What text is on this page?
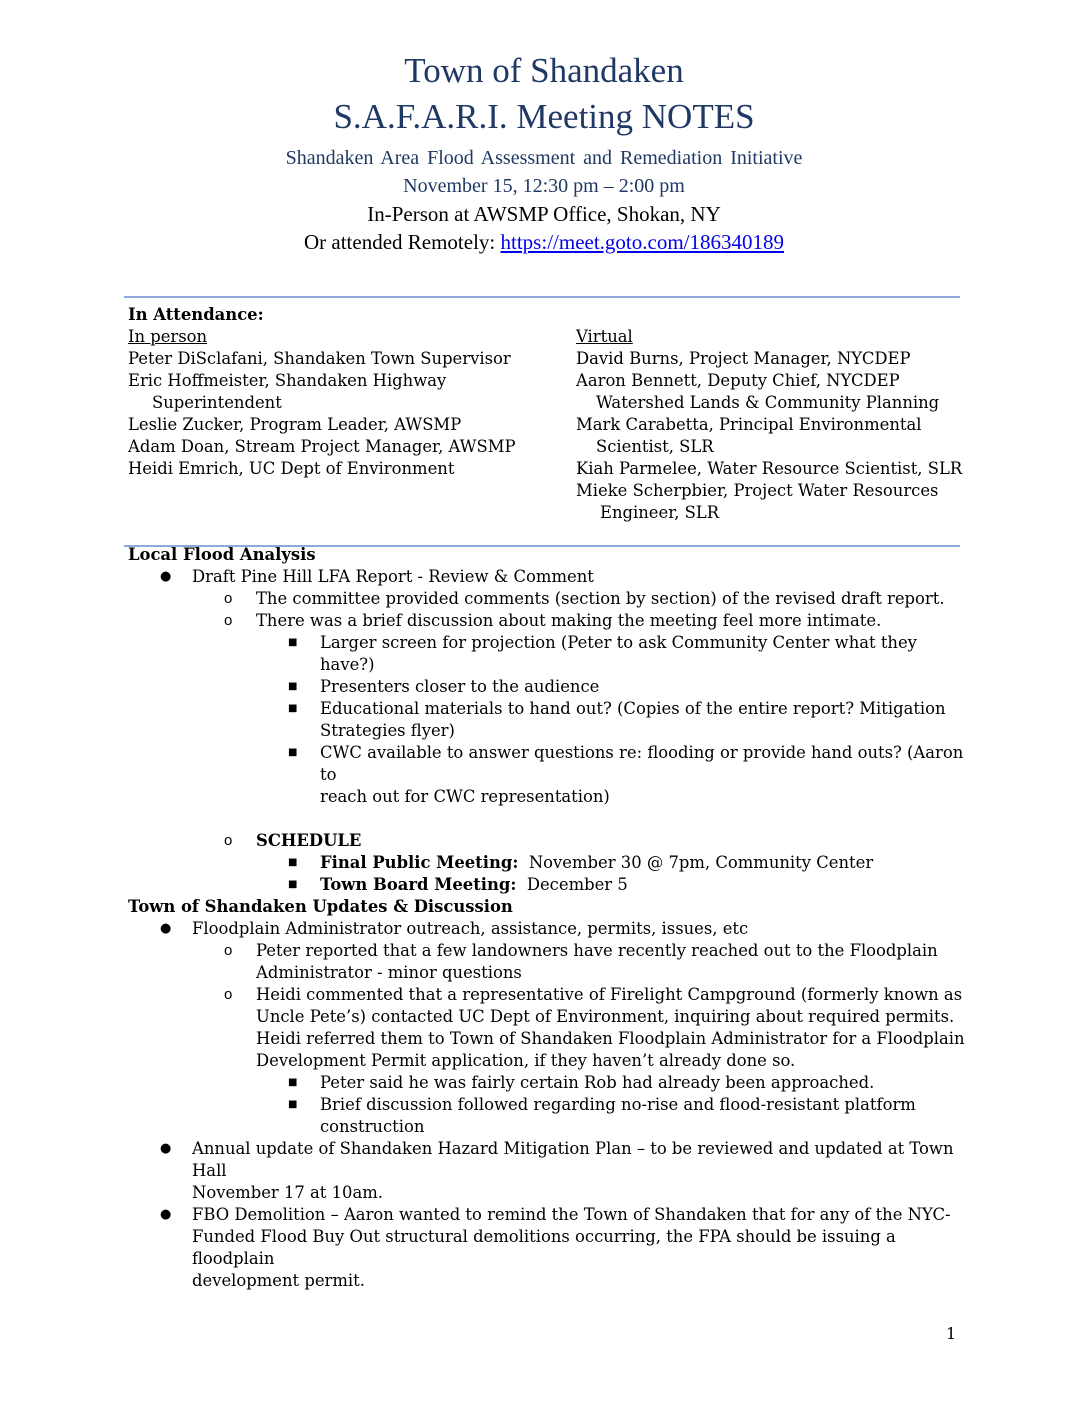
Town of Shandaken
S.A.F.A.R.I. Meeting NOTES
Shandaken Area Flood Assessment and Remediation Initiative
November 15, 12:30 pm – 2:00 pm
In-Person at AWSMP Office, Shokan, NY
Or attended Remotely: https://meet.goto.com/186340189
In Attendance:
In person
Peter DiSclafani, Shandaken Town Supervisor
Eric Hoffmeister, Shandaken Highway
Superintendent
Leslie Zucker, Program Leader, AWSMP
Adam Doan, Stream Project Manager, AWSMP
Heidi Emrich, UC Dept of Environment
Virtual
David Burns, Project Manager, NYCDEP
Aaron Bennett, Deputy Chief, NYCDEP
Watershed Lands & Community Planning
Mark Carabetta, Principal Environmental
Scientist, SLR
Kiah Parmelee, Water Resource Scientist, SLR
Mieke Scherpbier, Project Water Resources
Engineer, SLR
Local Flood Analysis
● Draft Pine Hill LFA Report - Review & Comment
o The committee provided comments (section by section) of the revised draft report.
o There was a brief discussion about making the meeting feel more intimate.
■ Larger screen for projection (Peter to ask Community Center what they have?)
■ Presenters closer to the audience
■ Educational materials to hand out? (Copies of the entire report? Mitigation
Strategies flyer)
■ CWC available to answer questions re: flooding or provide hand outs? (Aaron to
reach out for CWC representation)
o SCHEDULE
■ Final Public Meeting:  November 30 @ 7pm, Community Center
■ Town Board Meeting:  December 5
Town of Shandaken Updates & Discussion
● Floodplain Administrator outreach, assistance, permits, issues, etc
o Peter reported that a few landowners have recently reached out to the Floodplain
Administrator - minor questions
o Heidi commented that a representative of Firelight Campground (formerly known as
Uncle Pete’s) contacted UC Dept of Environment, inquiring about required permits.
Heidi referred them to Town of Shandaken Floodplain Administrator for a Floodplain
Development Permit application, if they haven’t already done so.
■ Peter said he was fairly certain Rob had already been approached.
■ Brief discussion followed regarding no-rise and flood-resistant platform
construction
● Annual update of Shandaken Hazard Mitigation Plan – to be reviewed and updated at Town Hall
November 17 at 10am.
● FBO Demolition – Aaron wanted to remind the Town of Shandaken that for any of the NYC-
Funded Flood Buy Out structural demolitions occurring, the FPA should be issuing a floodplain
development permit.
1
